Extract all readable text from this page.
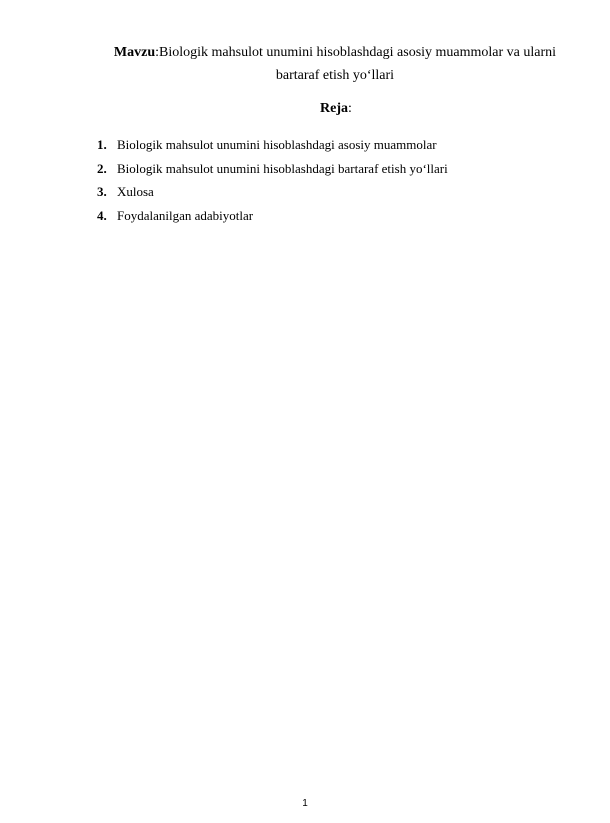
Mavzu:Biologik mahsulot unumini hisoblashdagi asosiy muammolar va ularni
bartaraf etish yo‘llari
Reja:
1. Biologik mahsulot unumini hisoblashdagi asosiy muammolar
2. Biologik mahsulot unumini hisoblashdagi bartaraf etish yo‘llari
3. Xulosa
4. Foydalanilgan adabiyotlar
1
